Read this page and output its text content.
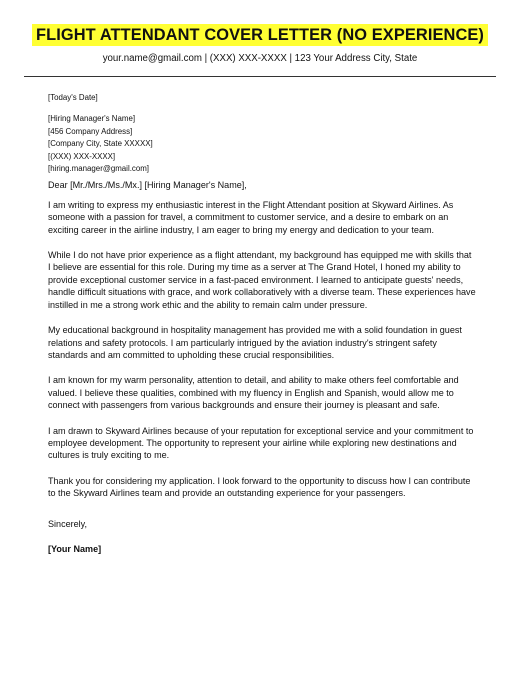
FLIGHT ATTENDANT COVER LETTER (NO EXPERIENCE)
your.name@gmail.com | (XXX) XXX-XXXX | 123 Your Address City, State

[Today's Date]

[Hiring Manager's Name]
[456 Company Address]
[Company City, State XXXXX]
[(XXX) XXX-XXXX]
[hiring.manager@gmail.com]

Dear [Mr./Mrs./Ms./Mx.] [Hiring Manager's Name],

I am writing to express my enthusiastic interest in the Flight Attendant position at Skyward Airlines. As someone with a passion for travel, a commitment to customer service, and a desire to embark on an exciting career in the airline industry, I am eager to bring my energy and dedication to your team.

While I do not have prior experience as a flight attendant, my background has equipped me with skills that I believe are essential for this role. During my time as a server at The Grand Hotel, I honed my ability to provide exceptional customer service in a fast-paced environment. I learned to anticipate guests' needs, handle difficult situations with grace, and work collaboratively with a diverse team. These experiences have instilled in me a strong work ethic and the ability to remain calm under pressure.

My educational background in hospitality management has provided me with a solid foundation in guest relations and safety protocols. I am particularly intrigued by the aviation industry's stringent safety standards and am committed to upholding these crucial responsibilities.

I am known for my warm personality, attention to detail, and ability to make others feel comfortable and valued. I believe these qualities, combined with my fluency in English and Spanish, would allow me to connect with passengers from various backgrounds and ensure their journey is pleasant and safe.

I am drawn to Skyward Airlines because of your reputation for exceptional service and your commitment to employee development. The opportunity to represent your airline while exploring new destinations and cultures is truly exciting to me.

Thank you for considering my application. I look forward to the opportunity to discuss how I can contribute to the Skyward Airlines team and provide an outstanding experience for your passengers.

Sincerely,

[Your Name]
